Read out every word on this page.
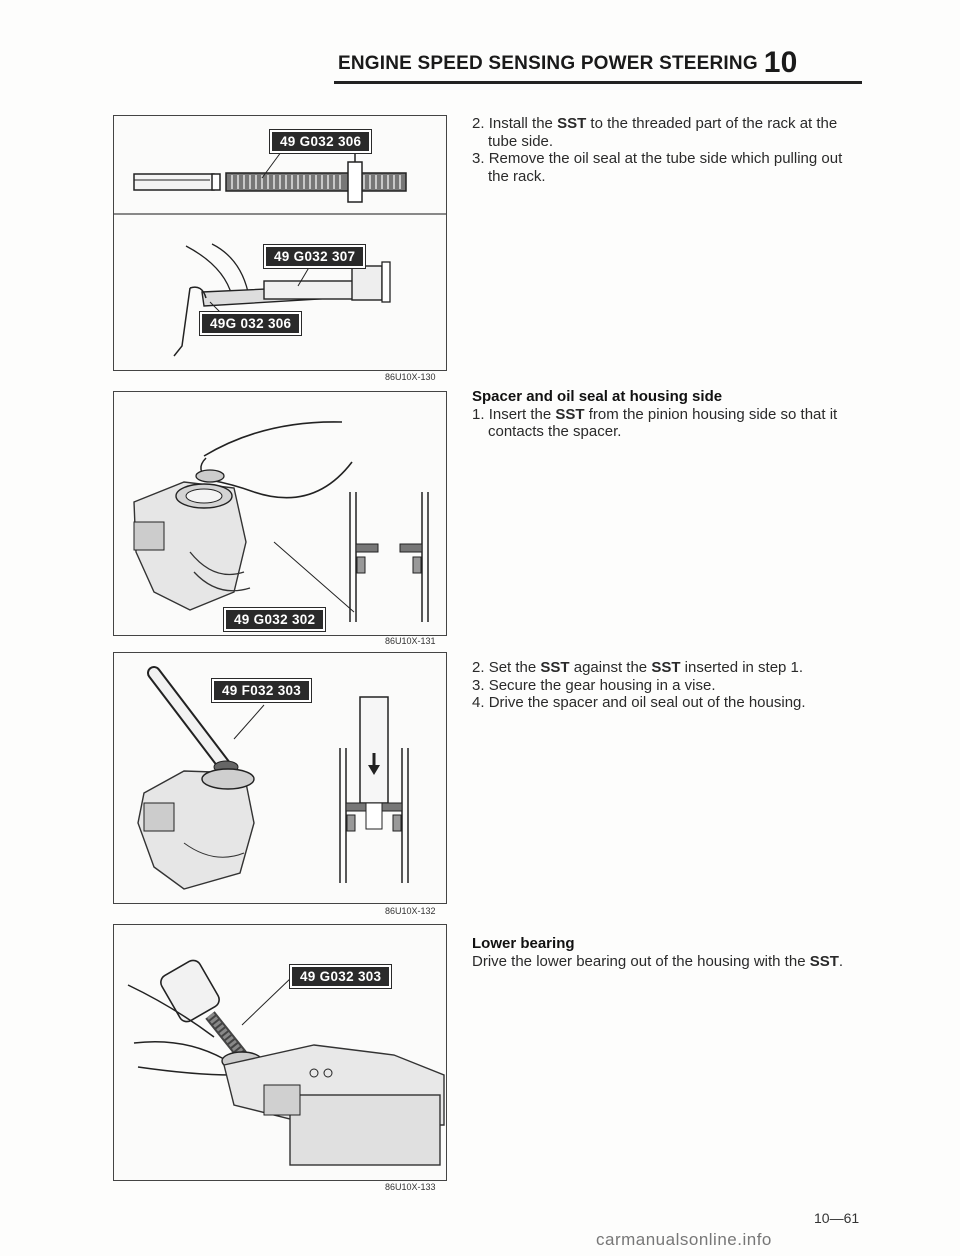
ENGINE SPEED SENSING POWER STEERING 10
49 G032 306
49 G032 307
49G 032 306
86U10X-130
49 G032 302
86U10X-131
49 F032 303
86U10X-132
49 G032 303
86U10X-133

2. Install the SST to the threaded part of the rack at the tube side.

3. Remove the oil seal at the tube side which pulling out the rack.

Spacer and oil seal at housing side

1. Insert the SST from the pinion housing side so that it contacts the spacer.

2. Set the SST against the SST inserted in step 1.

3. Secure the gear housing in a vise.

4. Drive the spacer and oil seal out of the housing.

Lower bearing

Drive the lower bearing out of the housing with the SST.

10—61
carmanualsonline.info
